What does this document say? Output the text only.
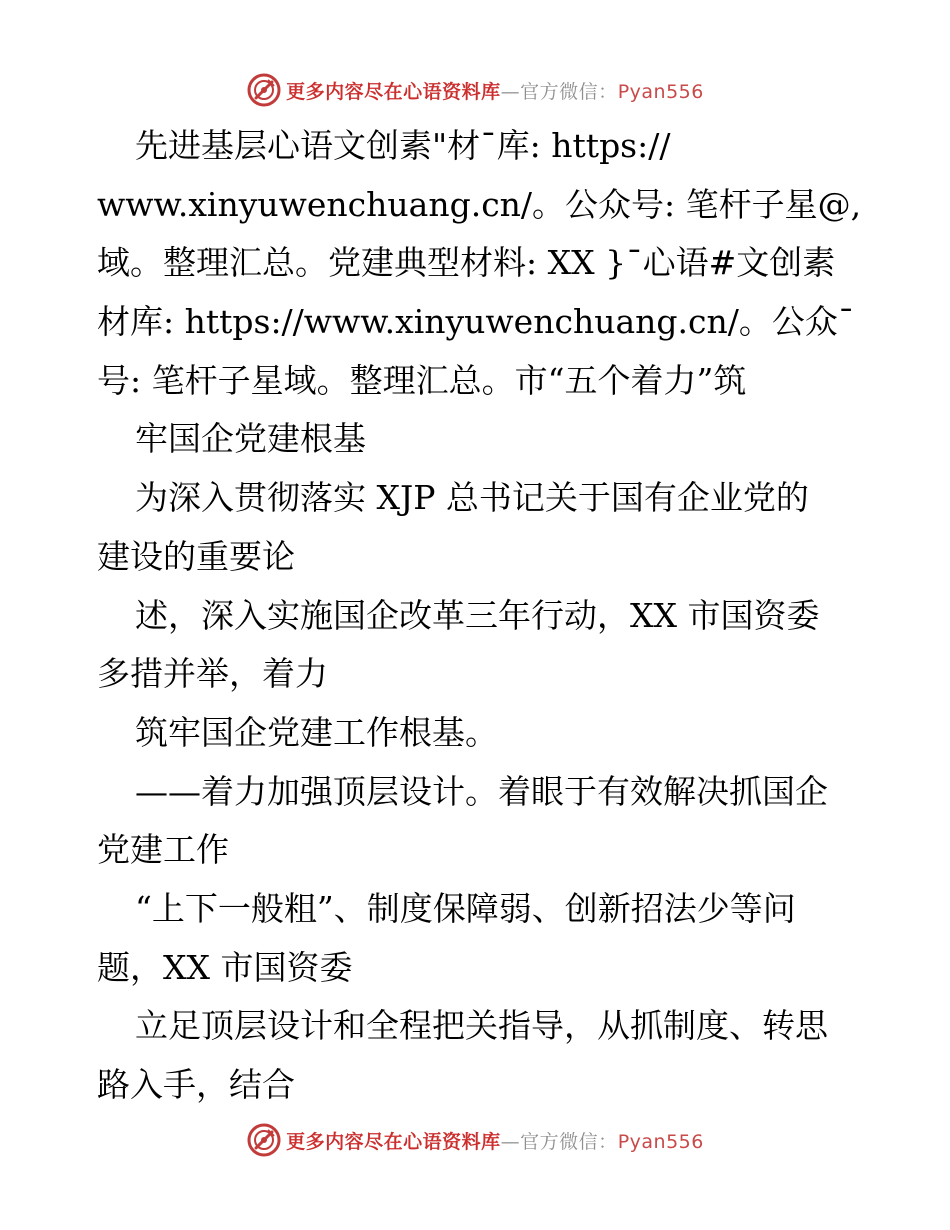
更多内容尽在心语资料库—官方微信：Pyan556
先进基层心语文创素"材¯库: https://
www.xinyuwenchuang.cn/。公众号: 笔杆子星@,
域。整理汇总。党建典型材料: XX }¯心语#文创素
材库: https://www.xinyuwenchuang.cn/。公众¯
号: 笔杆子星域。整理汇总。市“五个着力”筑
牢国企党建根基
为深入贯彻落实 XJP 总书记关于国有企业党的
建设的重要论
述，深入实施国企改革三年行动，XX 市国资委
多措并举，着力
筑牢国企党建工作根基。
——着力加强顶层设计。着眼于有效解决抓国企
党建工作
“上下一般粗”、制度保障弱、创新招法少等问
题，XX 市国资委
立足顶层设计和全程把关指导，从抓制度、转思
路入手，结合
更多内容尽在心语资料库—官方微信：Pyan556
